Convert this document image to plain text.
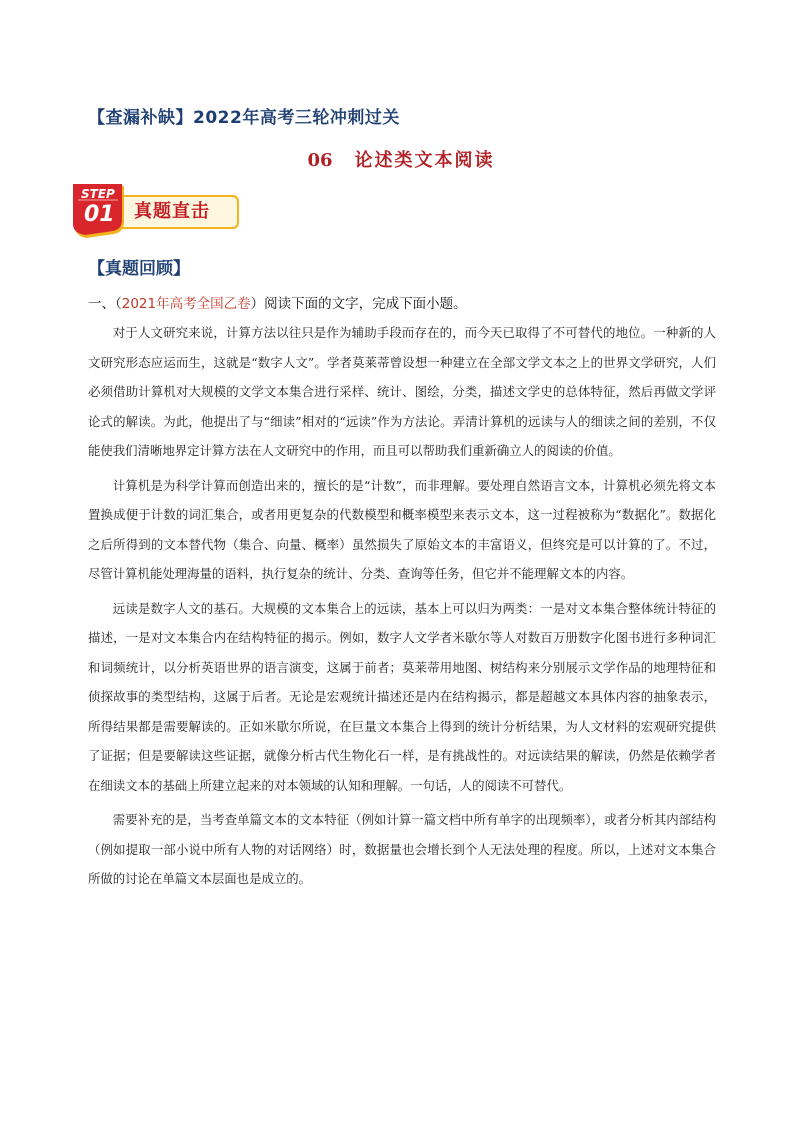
【查漏补缺】2022年高考三轮冲刺过关
06 论述类文本阅读
STEP
01 真题直击
【真题回顾】
一、（2021年高考全国乙卷）阅读下面的文字，完成下面小题。

对于人文研究来说，计算方法以往只是作为辅助手段而存在的，而今天已取得了不可替代的地位。一种新的人文研究形态应运而生，这就是“数字人文”。学者莫莱蒂曾设想一种建立在全部文学文本之上的世界文学研究，人们必须借助计算机对大规模的文学文本集合进行采样、统计、图绘，分类，描述文学史的总体特征，然后再做文学评论式的解读。为此，他提出了与“细读”相对的“远读”作为方法论。弄清计算机的远读与人的细读之间的差别，不仅能使我们清晰地界定计算方法在人文研究中的作用，而且可以帮助我们重新确立人的阅读的价值。

计算机是为科学计算而创造出来的，擅长的是“计数”，而非理解。要处理自然语言文本，计算机必须先将文本置换成便于计数的词汇集合，或者用更复杂的代数模型和概率模型来表示文本，这一过程被称为“数据化”。数据化之后所得到的文本替代物（集合、向量、概率）虽然损失了原始文本的丰富语义，但终究是可以计算的了。不过，尽管计算机能处理海量的语料，执行复杂的统计、分类、查询等任务，但它并不能理解文本的内容。

远读是数字人文的基石。大规模的文本集合上的远读，基本上可以归为两类：一是对文本集合整体统计特征的描述，一是对文本集合内在结构特征的揭示。例如，数字人文学者米歇尔等人对数百万册数字化图书进行多种词汇和词频统计，以分析英语世界的语言演变，这属于前者；莫莱蒂用地图、树结构来分别展示文学作品的地理特征和侦探故事的类型结构，这属于后者。无论是宏观统计描述还是内在结构揭示，都是超越文本具体内容的抽象表示，所得结果都是需要解读的。正如米歇尔所说，在巨量文本集合上得到的统计分析结果，为人文材料的宏观研究提供了证据；但是要解读这些证据，就像分析古代生物化石一样，是有挑战性的。对远读结果的解读，仍然是依赖学者在细读文本的基础上所建立起来的对本领域的认知和理解。一句话，人的阅读不可替代。

需要补充的是，当考查单篇文本的文本特征（例如计算一篇文档中所有单字的出现频率），或者分析其内部结构（例如提取一部小说中所有人物的对话网络）时，数据量也会增长到个人无法处理的程度。所以，上述对文本集合所做的讨论在单篇文本层面也是成立的。
